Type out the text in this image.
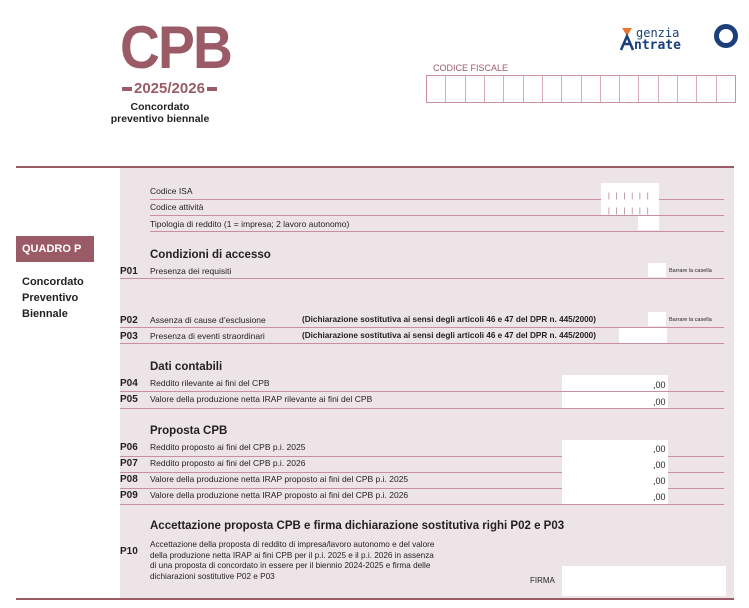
CPB
2025/2026
Concordato
preventivo biennale
CODICE FISCALE
genzia
ntrate
Codice ISA
Codice attività
Tipologia di reddito (1 = impresa; 2 lavoro autonomo)
| | | | | |
| | | | | |
QUADRO P
Concordato
Preventivo
Biennale
Condizioni di accesso
P01 Presenza dei requisiti	Barrare la casella
P02 Assenza di cause d’esclusione	(Dichiarazione sostitutiva ai sensi degli articoli 46 e 47 del DPR n. 445/2000)	Barrare la casella
P03 Presenza di eventi straordinari	(Dichiarazione sostitutiva ai sensi degli articoli 46 e 47 del DPR n. 445/2000)
Dati contabili
P04 Reddito rilevante ai fini del CPB	,00
P05 Valore della produzione netta IRAP rilevante ai fini del CPB	,00
Proposta CPB
P06 Reddito proposto ai fini del CPB p.i. 2025	,00
P07 Reddito proposto ai fini del CPB p.i. 2026	,00
P08 Valore della produzione netta IRAP proposto ai fini del CPB p.i. 2025	,00
P09 Valore della produzione netta IRAP proposto ai fini del CPB p.i. 2026	,00
Accettazione proposta CPB e firma dichiarazione sostitutiva righi P02 e P03
P10
Accettazione della proposta di reddito di impresa/lavoro autonomo e del valore
della produzione netta IRAP ai fini CPB per il p.i. 2025 e il p.i. 2026 in assenza
di una proposta di concordato in essere per il biennio 2024-2025 e firma delle
dichiarazioni sostitutive P02 e P03	FIRMA
